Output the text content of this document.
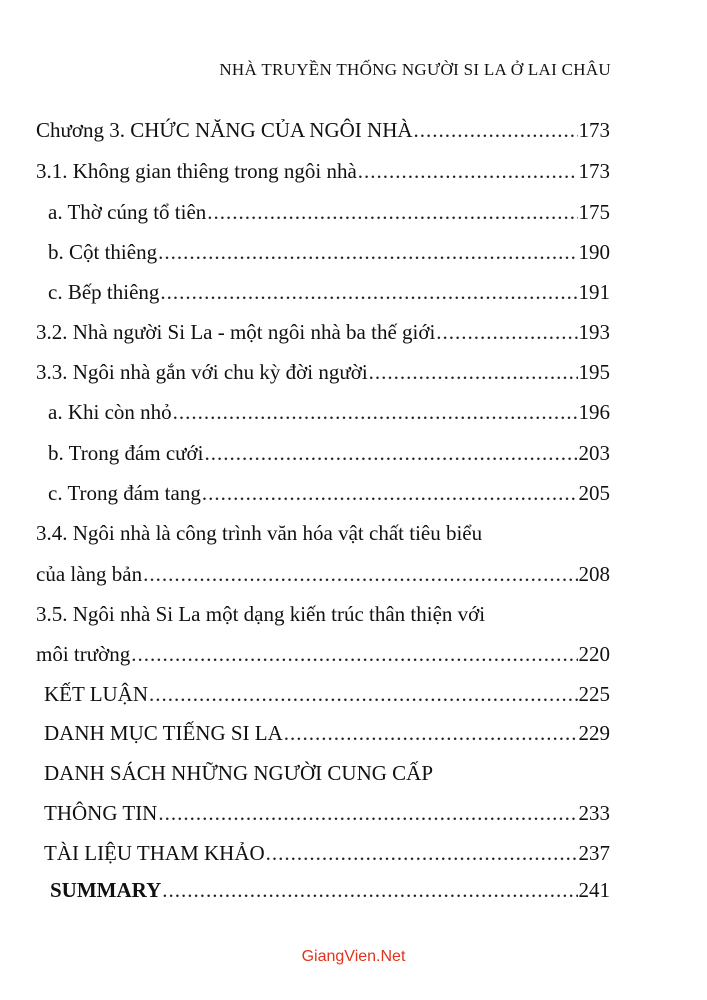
NHÀ TRUYỀN THỐNG NGƯỜI SI LA Ở LAI CHÂU
Chương 3. CHỨC NĂNG CỦA NGÔI NHÀ .....	173
3.1. Không gian thiêng trong ngôi nhà .....	173
a. Thờ cúng tổ tiên .....	175
b. Cột thiêng .....	190
c. Bếp thiêng .....	191
3.2. Nhà người Si La - một ngôi nhà ba thế giới .....	193
3.3. Ngôi nhà gắn với chu kỳ đời người .....	195
a. Khi còn nhỏ .....	196
b. Trong đám cưới .....	203
c. Trong đám tang .....	205
3.4. Ngôi nhà là công trình văn hóa vật chất tiêu biểu
của làng bản .....	208
3.5. Ngôi nhà Si La một dạng kiến trúc thân thiện với
môi trường .....	220
KẾT LUẬN .....	225
DANH MỤC TIẾNG SI LA .....	229
DANH SÁCH NHỮNG NGƯỜI CUNG CẤP
THÔNG TIN .....	233
TÀI LIỆU THAM KHẢO .....	237
SUMMARY .....	241
GiangVien.Net
